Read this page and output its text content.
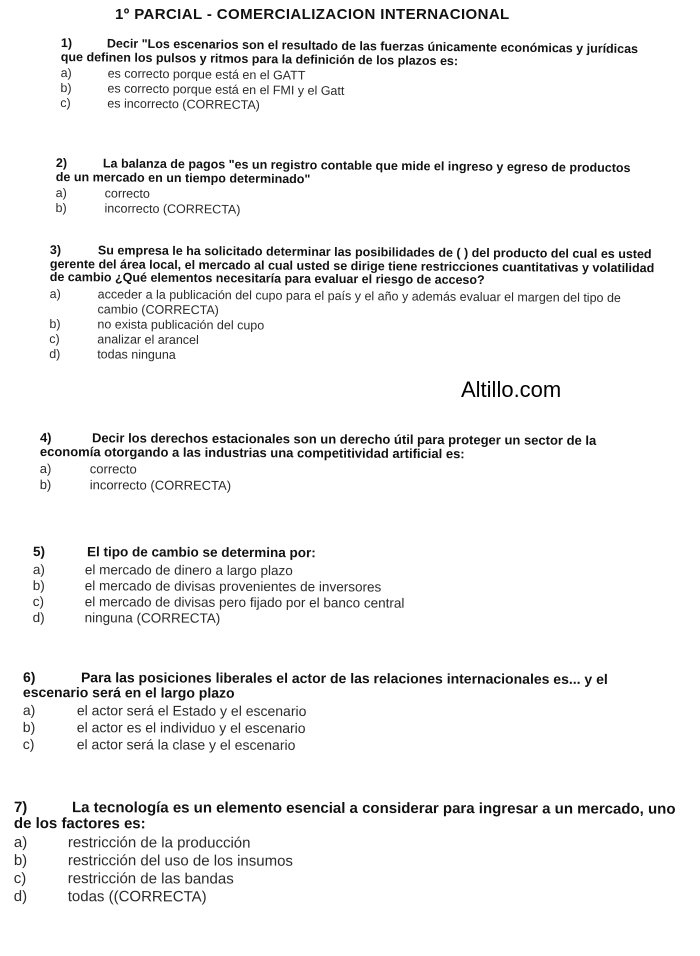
1º PARCIAL - COMERCIALIZACION INTERNACIONAL
Altillo.com
1)	Decir "Los escenarios son el resultado de las fuerzas únicamente económicas y jurídicas que definen los pulsos y ritmos para la definición de los plazos es:
a)	es correcto porque está en el GATT
b)	es correcto porque está en el FMI y el Gatt
c)	es incorrecto (CORRECTA)
2)	La balanza de pagos "es un registro contable que mide el ingreso y egreso de productos de un mercado en un tiempo determinado"
a)	correcto
b)	incorrecto (CORRECTA)
3)	Su empresa le ha solicitado determinar las posibilidades de ( ) del producto del cual es usted gerente del área local, el mercado al cual usted se dirige tiene restricciones cuantitativas y volatilidad de cambio ¿Qué elementos necesitaría para evaluar el riesgo de acceso?
a)	acceder a la publicación del cupo para el país y el año y además evaluar el margen del tipo de cambio (CORRECTA)
b)	no exista publicación del cupo
c)	analizar el arancel
d)	todas ninguna
4)	Decir los derechos estacionales son un derecho útil para proteger un sector de la economía otorgando a las industrias una competitividad artificial es:
a)	correcto
b)	incorrecto (CORRECTA)
5)	El tipo de cambio se determina por:
a)	el mercado de dinero a largo plazo
b)	el mercado de divisas provenientes de inversores
c)	el mercado de divisas pero fijado por el banco central
d)	ninguna (CORRECTA)
6)	Para las posiciones liberales el actor de las relaciones internacionales es... y el escenario será en el largo plazo
a)	el actor será el Estado y el escenario
b)	el actor es el individuo y el escenario
c)	el actor será la clase y el escenario
7)	La tecnología es un elemento esencial a considerar para ingresar a un mercado, uno de los factores es:
a)	restricción de la producción
b)	restricción del uso de los insumos
c)	restricción de las bandas
d)	todas ((CORRECTA)
